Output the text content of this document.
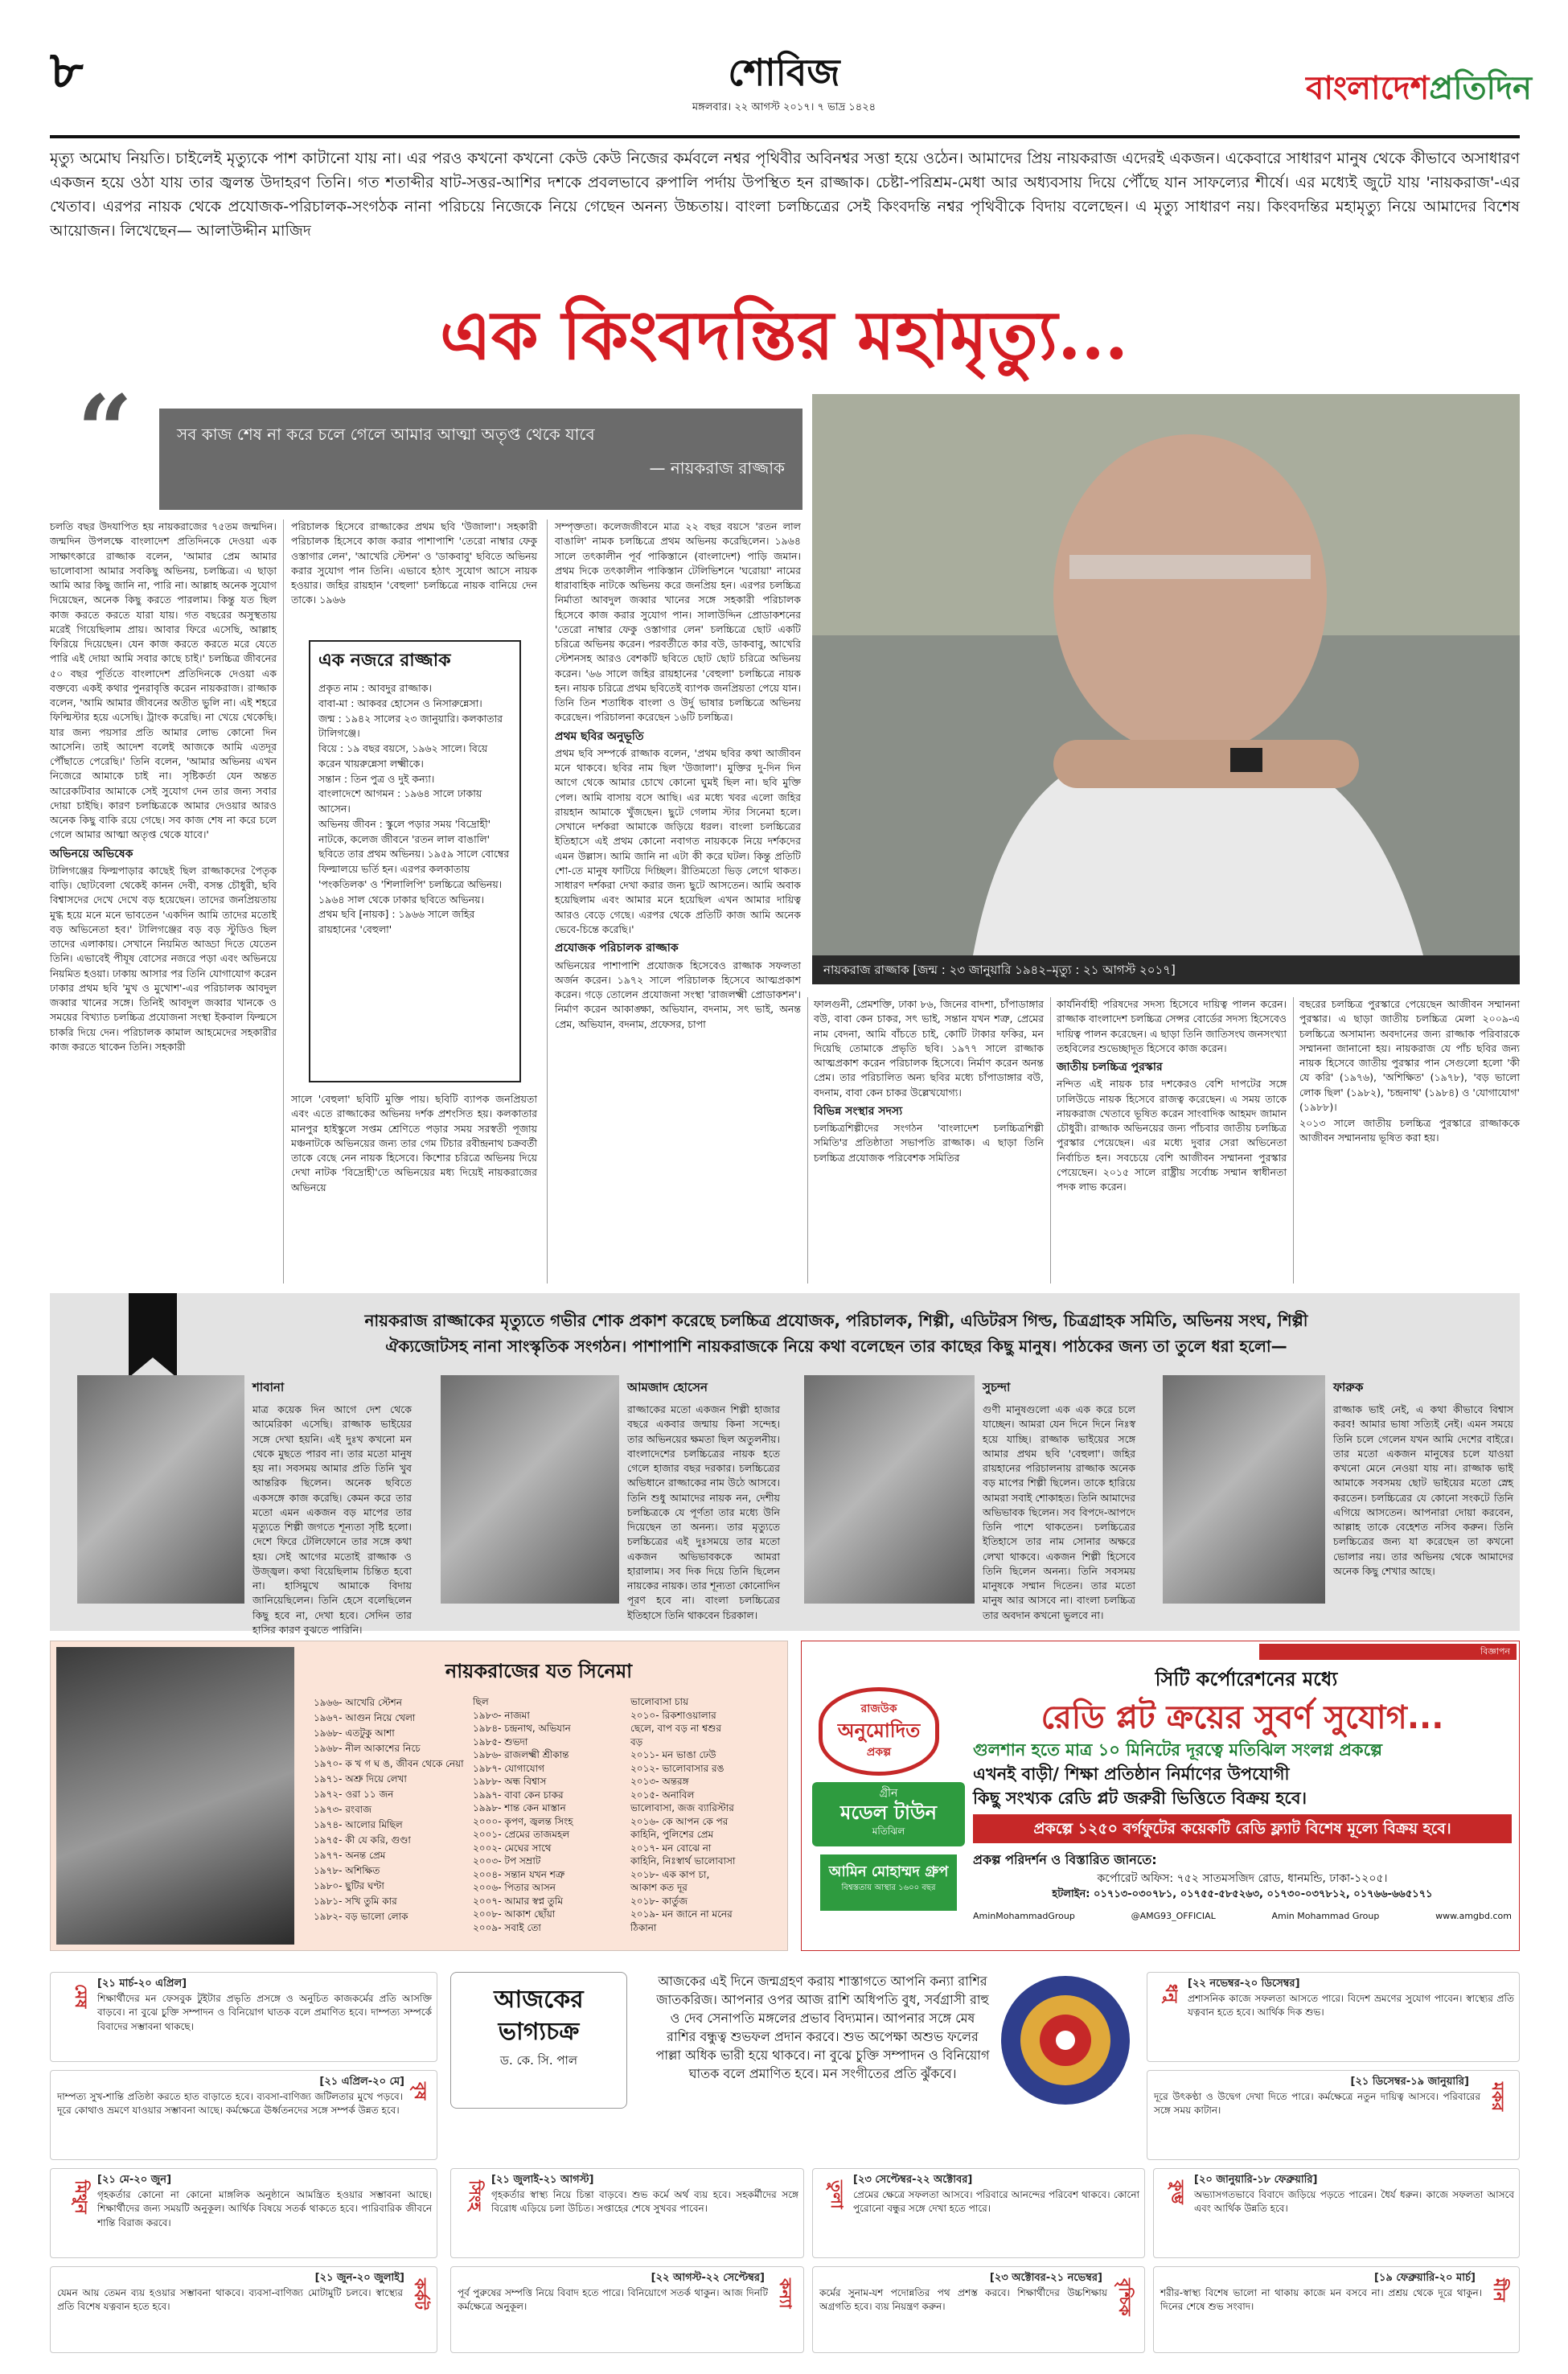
৮	শোবিজ
মঙ্গলবার। ২২ আগস্ট ২০১৭। ৭ ভাদ্র ১৪২৪
বাংলাদেশপ্রতিদিন
মৃত্যু অমোঘ নিয়তি। চাইলেই মৃত্যুকে পাশ কাটানো যায় না। এর পরও কখনো কখনো কেউ কেউ নিজের কর্মবলে নশ্বর পৃথিবীর অবিনশ্বর সত্তা হয়ে ওঠেন। আমাদের প্রিয় নায়করাজ এদেরই একজন। একেবারে সাধারণ মানুষ থেকে কীভাবে অসাধারণ একজন হয়ে ওঠা যায় তার জ্বলন্ত উদাহরণ তিনি। গত শতাব্দীর ষাট-সত্তর-আশির দশকে প্রবলভাবে রুপালি পর্দায় উপস্থিত হন রাজ্জাক। চেষ্টা-পরিশ্রম-মেধা আর অধ্যবসায় দিয়ে পৌঁছে যান সাফল্যের শীর্ষে। এর মধ্যেই জুটে যায় 'নায়করাজ'-এর খেতাব। এরপর নায়ক থেকে প্রযোজক-পরিচালক-সংগঠক নানা পরিচয়ে নিজেকে নিয়ে গেছেন অনন্য উচ্চতায়। বাংলা চলচ্চিত্রের সেই কিংবদন্তি নশ্বর পৃথিবীকে বিদায় বলেছেন। এ মৃত্যু সাধারণ নয়। কিংবদন্তির মহামৃত্যু নিয়ে আমাদের বিশেষ আয়োজন। লিখেছেন— আলাউদ্দীন মাজিদ
এক কিংবদন্তির মহামৃত্যু...
“	সব কাজ শেষ না করে চলে গেলে আমার আত্মা অতৃপ্ত থেকে যাবে
— নায়করাজ রাজ্জাক
নায়করাজ রাজ্জাক [জন্ম : ২৩ জানুয়ারি ১৯৪২–মৃত্যু : ২১ আগস্ট ২০১৭]

চলতি বছর উদযাপিত হয় নায়করাজের ৭৫তম জন্মদিন। জন্মদিন উপলক্ষে বাংলাদেশ প্রতিদিনকে দেওয়া এক সাক্ষাৎকারে রাজ্জাক বলেন, 'আমার প্রেম আমার ভালোবাসা আমার সবকিছু অভিনয়, চলচ্চিত্র। এ ছাড়া আমি আর কিছু জানি না, পারি না। আল্লাহ অনেক সুযোগ দিয়েছেন, অনেক কিছু করতে পারলাম। কিন্তু যত ছিল কাজ করতে করতে যারা যায়। গত বছরের অসুস্থতায় মরেই গিয়েছিলাম প্রায়। আবার ফিরে এসেছি, আল্লাহ ফিরিয়ে দিয়েছেন। যেন কাজ করতে করতে মরে যেতে পারি এই দোয়া আমি সবার কাছে চাই।' চলচ্চিত্র জীবনের ৫০ বছর পূর্তিতে বাংলাদেশ প্রতিদিনকে দেওয়া এক বক্তব্যে একই কথার পুনরাবৃত্তি করেন নায়করাজ। রাজ্জাক বলেন, 'আমি আমার জীবনের অতীত ভুলি না। এই শহরে ফিল্মিস্টার হয়ে এসেছি। ট্রাংক করেছি। না খেয়ে থেকেছি। যার জন্য পয়সার প্রতি আমার লোভ কোনো দিন আসেনি। তাই আদেশ বলেই আজকে আমি এতদূর পৌঁছাতে পেরেছি।' তিনি বলেন, 'আমার অভিনয় এখন নিজেরে আমাকে চাই না। সৃষ্টিকর্তা যেন অন্তত আরেকটিবার আমাকে সেই সুযোগ দেন তার জন্য সবার দোয়া চাইছি। কারণ চলচ্চিত্রকে আমার দেওয়ার আরও অনেক কিছু বাকি রয়ে গেছে। সব কাজ শেষ না করে চলে গেলে আমার আত্মা অতৃপ্ত থেকে যাবে।'

অভিনয়ে অভিষেক

টালিগঞ্জের ফিল্মপাড়ার কাছেই ছিল রাজ্জাকদের পৈতৃক বাড়ি। ছোটবেলা থেকেই কানন দেবী, বসন্ত চৌধুরী, ছবি বিশ্বাসদের দেখে দেখে বড় হয়েছেন। তাদের জনপ্রিয়তায় মুগ্ধ হয়ে মনে মনে ভাবতেন 'একদিন আমি তাদের মতোই বড় অভিনেতা হব।' টালিগঞ্জের বড় বড় স্টুডিও ছিল তাদের এলাকায়। সেখানে নিয়মিত আড্ডা দিতে যেতেন তিনি। এভাবেই পীযূষ বোসের নজরে পড়া এবং অভিনয়ে নিয়মিত হওয়া। ঢাকায় আসার পর তিনি যোগাযোগ করেন ঢাকার প্রথম ছবি 'মুখ ও মুখোশ'-এর পরিচালক আবদুল জব্বার খানের সঙ্গে। তিনিই আবদুল জব্বার খানকে ও সময়ের বিখ্যাত চলচ্চিত্র প্রযোজনা সংস্থা ইকবাল ফিল্মসে চাকরি দিয়ে দেন। পরিচালক কামাল আহমেদের সহকারীর কাজ করতে থাকেন তিনি। সহকারী

পরিচালক হিসেবে রাজ্জাকের প্রথম ছবি 'উজালা'। সহকারী পরিচালক হিসেবে কাজ করার পাশাপাশি 'তেরো নাম্বার ফেকু ওস্তাগার লেন', 'আখেরি স্টেশন' ও 'ডাকবাবু' ছবিতে অভিনয় করার সুযোগ পান তিনি। এভাবে হঠাৎ সুযোগ আসে নায়ক হওয়ার। জহির রায়হান 'বেহুলা' চলচ্চিত্রে নায়ক বানিয়ে দেন তাকে। ১৯৬৬
এক নজরে রাজ্জাক
প্রকৃত নাম : আবদুর রাজ্জাক।
বাবা-মা : আকবর হোসেন ও নিসারুন্নেসা।
জন্ম : ১৯৪২ সালের ২৩ জানুয়ারি। কলকাতার টালিগঞ্জে।
বিয়ে : ১৯ বছর বয়সে, ১৯৬২ সালে। বিয়ে করেন খায়রুন্নেসা লক্ষ্মীকে।
সন্তান : তিন পুত্র ও দুই কন্যা।
বাংলাদেশে আগমন : ১৯৬৪ সালে ঢাকায় আসেন।
অভিনয় জীবন : স্কুলে পড়ার সময় 'বিদ্রোহী' নাটকে, কলেজ জীবনে 'রতন লাল বাঙালি' ছবিতে তার প্রথম অভিনয়। ১৯৫৯ সালে বোম্বের ফিল্মালয়ে ভর্তি হন। এরপর কলকাতায় 'পংকতিলক' ও 'শিলালিপি' চলচ্চিত্রে অভিনয়। ১৯৬৪ সাল থেকে ঢাকার ছবিতে অভিনয়।
প্রথম ছবি [নায়ক] : ১৯৬৬ সালে জহির রায়হানের 'বেহুলা'
সালে 'বেহুলা' ছবিটি মুক্তি পায়। ছবিটি ব্যাপক জনপ্রিয়তা এবং এতে রাজ্জাকের অভিনয় দর্শক প্রশংসিত হয়। কলকাতার মানপুর হাইস্কুলে সপ্তম শ্রেণিতে পড়ার সময় সরস্বতী পূজায় মঞ্চনাটকে অভিনয়ের জন্য তার গেম টিচার রবীন্দ্রনাথ চক্রবর্তী তাকে বেছে নেন নায়ক হিসেবে। কিশোর চরিত্রে অভিনয় দিয়ে দেখা নাটক 'বিদ্রোহী'তে অভিনয়ের মধ্য দিয়েই নায়করাজের অভিনয়ে

সম্পৃক্ততা। কলেজজীবনে মাত্র ২২ বছর বয়সে 'রতন লাল বাঙালি' নামক চলচ্চিত্রে প্রথম অভিনয় করেছিলেন। ১৯৬৪ সালে তৎকালীন পূর্ব পাকিস্তানে (বাংলাদেশ) পাড়ি জমান। প্রথম দিকে তৎকালীন পাকিস্তান টেলিভিশনে 'ঘরোয়া' নামের ধারাবাহিক নাটকে অভিনয় করে জনপ্রিয় হন। এরপর চলচ্চিত্র নির্মাতা আবদুল জব্বার খানের সঙ্গে সহকারী পরিচালক হিসেবে কাজ করার সুযোগ পান। সালাউদ্দিন প্রোডাকশনের 'তেরো নাম্বার ফেকু ওস্তাগার লেন' চলচ্চিত্রে ছোট একটি চরিত্রে অভিনয় করেন। পরবর্তীতে কার বউ, ডাকবাবু, আখেরি স্টেশনসহ আরও বেশকটি ছবিতে ছোট ছোট চরিত্রে অভিনয় করেন। '৬৬ সালে জহির রায়হানের 'বেহুলা' চলচ্চিত্রে নায়ক হন। নায়ক চরিত্রে প্রথম ছবিতেই ব্যাপক জনপ্রিয়তা পেয়ে যান। তিনি তিন শতাধিক বাংলা ও উর্দু ভাষার চলচ্চিত্রে অভিনয় করেছেন। পরিচালনা করেছেন ১৬টি চলচ্চিত্র।

প্রথম ছবির অনুভূতি

প্রথম ছবি সম্পর্কে রাজ্জাক বলেন, 'প্রথম ছবির কথা আজীবন মনে থাকবে। ছবির নাম ছিল 'উজালা'। মুক্তির দু-দিন দিন আগে থেকে আমার চোখে কোনো ঘুমই ছিল না। ছবি মুক্তি পেল। আমি বাসায় বসে আছি। এর মধ্যে খবর এলো জহির রায়হান আমাকে খুঁজছেন। ছুটে গেলাম স্টার সিনেমা হলে। সেখানে দর্শকরা আমাকে জড়িয়ে ধরল। বাংলা চলচ্চিত্রের ইতিহাসে এই প্রথম কোনো নবাগত নায়ককে নিয়ে দর্শকদের এমন উল্লাস। আমি জানি না এটা কী করে ঘটল। কিন্তু প্রতিটি শো-তে মানুষ ফাটিয়ে দিচ্ছিল। রীতিমতো ভিড় লেগে থাকত। সাধারণ দর্শকরা দেখা করার জন্য ছুটে আসতেন। আমি অবাক হয়েছিলাম এবং আমার মনে হয়েছিল এখন আমার দায়িত্ব আরও বেড়ে গেছে। এরপর থেকে প্রতিটি কাজ আমি অনেক ভেবে-চিন্তে করেছি।'

প্রযোজক পরিচালক রাজ্জাক

অভিনয়ের পাশাপাশি প্রযোজক হিসেবেও রাজ্জাক সফলতা অর্জন করেন। ১৯৭২ সালে পরিচালক হিসেবে আত্মপ্রকাশ করেন। গড়ে তোলেন প্রযোজনা সংস্থা 'রাজলক্ষ্মী প্রোডাকশন'। নির্মাণ করেন আকাঙ্ক্ষা, অভিযান, বদনাম, সৎ ভাই, অনন্ত প্রেম, অভিযান, বদনাম, প্রফেসর, চাপা

ফালগুনী, প্রেমশক্তি, ঢাকা ৮৬, জিনের বাদশা, চাঁপাডাঙ্গার বউ, বাবা কেন চাকর, সৎ ভাই, সন্তান যখন শত্রু, প্রেমের নাম বেদনা, আমি বাঁচতে চাই, কোটি টাকার ফকির, মন দিয়েছি তোমাকে প্রভৃতি ছবি। ১৯৭৭ সালে রাজ্জাক আত্মপ্রকাশ করেন পরিচালক হিসেবে। নির্মাণ করেন অনন্ত প্রেম। তার পরিচালিত অন্য ছবির মধ্যে চাঁপাডাঙ্গার বউ, বদনাম, বাবা কেন চাকর উল্লেখযোগ্য।

বিভিন্ন সংস্থার সদস্য

চলচ্চিত্রশিল্পীদের সংগঠন 'বাংলাদেশ চলচ্চিত্রশিল্পী সমিতি'র প্রতিষ্ঠাতা সভাপতি রাজ্জাক। এ ছাড়া তিনি চলচ্চিত্র প্রযোজক পরিবেশক সমিতির

কার্যনির্বাহী পরিষদের সদস্য হিসেবে দায়িত্ব পালন করেন। রাজ্জাক বাংলাদেশ চলচ্চিত্র সেন্সর বোর্ডের সদস্য হিসেবেও দায়িত্ব পালন করেছেন। এ ছাড়া তিনি জাতিসংঘ জনসংখ্যা তহবিলের শুভেচ্ছাদূত হিসেবে কাজ করেন।

জাতীয় চলচ্চিত্র পুরস্কার

নন্দিত এই নায়ক চার দশকেরও বেশি দাপটের সঙ্গে ঢালিউডে নায়ক হিসেবে রাজত্ব করেছেন। এ সময় তাকে নায়করাজ খেতাবে ভূষিত করেন সাংবাদিক আহমদ জামান চৌধুরী। রাজ্জাক অভিনয়ের জন্য পাঁচবার জাতীয় চলচ্চিত্র পুরস্কার পেয়েছেন। এর মধ্যে দুবার সেরা অভিনেতা নির্বাচিত হন। সবচেয়ে বেশি আজীবন সম্মাননা পুরস্কার পেয়েছেন। ২০১৫ সালে রাষ্ট্রীয় সর্বোচ্চ সম্মান স্বাধীনতা পদক লাভ করেন।

বছরের চলচ্চিত্র পুরস্কারে পেয়েছেন আজীবন সম্মাননা পুরস্কার। এ ছাড়া জাতীয় চলচ্চিত্র মেলা ২০০৯-এ চলচ্চিত্রে অসামান্য অবদানের জন্য রাজ্জাক পরিবারকে সম্মাননা জানানো হয়। নায়করাজ যে পাঁচ ছবির জন্য নায়ক হিসেবে জাতীয় পুরস্কার পান সেগুলো হলো 'কী যে করি' (১৯৭৬), 'অশিক্ষিত' (১৯৭৮), 'বড় ভালো লোক ছিল' (১৯৮২), 'চন্দ্রনাথ' (১৯৮৪) ও 'যোগাযোগ' (১৯৮৮)।

২০১৩ সালে জাতীয় চলচ্চিত্র পুরস্কারে রাজ্জাককে আজীবন সম্মাননায় ভূষিত করা হয়।

নায়করাজ রাজ্জাকের মৃত্যুতে গভীর শোক প্রকাশ করেছে চলচ্চিত্র প্রযোজক, পরিচালক, শিল্পী, এডিটরস গিল্ড, চিত্রগ্রাহক সমিতি, অভিনয় সংঘ, শিল্পী ঐক্যজোটসহ নানা সাংস্কৃতিক সংগঠন। পাশাপাশি নায়করাজকে নিয়ে কথা বলেছেন তার কাছের কিছু মানুষ। পাঠকের জন্য তা তুলে ধরা হলো—
শাবানা
মাত্র কয়েক দিন আগে দেশ থেকে আমেরিকা এসেছি। রাজ্জাক ভাইয়ের সঙ্গে দেখা হয়নি। এই দুঃখ কখনো মন থেকে মুছতে পারব না। তার মতো মানুষ হয় না। সবসময় আমার প্রতি তিনি খুব আন্তরিক ছিলেন। অনেক ছবিতে একসঙ্গে কাজ করেছি। কেমন করে তার মতো এমন একজন বড় মাপের তার মৃত্যুতে শিল্পী জগতে শূন্যতা সৃষ্টি হলো। দেশে ফিরে টেলিফোনে তার সঙ্গে কথা হয়। সেই আগের মতোই রাজ্জাক ও উজ্জ্বল। কথা বিয়েছিলাম চিন্তিত হবো না। হাসিমুখে আমাকে বিদায় জানিয়েছিলেন। তিনি হেসে বলেছিলেন কিছু হবে না, দেখা হবে। সেদিন তার হাসির কারণ বুঝতে পারিনি।
আমজাদ হোসেন
রাজ্জাকের মতো একজন শিল্পী হাজার বছরে একবার জন্মায় কিনা সন্দেহ। তার অভিনয়ের ক্ষমতা ছিল অতুলনীয়। বাংলাদেশের চলচ্চিত্রের নায়ক হতে গেলে হাজার বছর দরকার। চলচ্চিত্রের অভিধানে রাজ্জাকের নাম উঠে আসবে। তিনি শুধু আমাদের নায়ক নন, দেশীয় চলচ্চিত্রকে যে পূর্ণতা তার মধ্যে উনি দিয়েছেন তা অনন্য। তার মৃত্যুতে চলচ্চিত্রের এই দুঃসময়ে তার মতো একজন অভিভাবককে আমরা হারালাম। সব দিক দিয়ে তিনি ছিলেন নায়কের নায়ক। তার শূন্যতা কোনোদিন পূরণ হবে না। বাংলা চলচ্চিত্রের ইতিহাসে তিনি থাকবেন চিরকাল।
সুচন্দা
গুণী মানুষগুলো এক এক করে চলে যাচ্ছেন। আমরা যেন দিনে দিনে নিঃস্ব হয়ে যাচ্ছি। রাজ্জাক ভাইয়ের সঙ্গে আমার প্রথম ছবি 'বেহুলা'। জহির রায়হানের পরিচালনায় রাজ্জাক অনেক বড় মাপের শিল্পী ছিলেন। তাকে হারিয়ে আমরা সবাই শোকাহত। তিনি আমাদের অভিভাবক ছিলেন। সব বিপদে-আপদে তিনি পাশে থাকতেন। চলচ্চিত্রের ইতিহাসে তার নাম সোনার অক্ষরে লেখা থাকবে। একজন শিল্পী হিসেবে তিনি ছিলেন অনন্য। তিনি সবসময় মানুষকে সম্মান দিতেন। তার মতো মানুষ আর আসবে না। বাংলা চলচ্চিত্র তার অবদান কখনো ভুলবে না।
ফারুক
রাজ্জাক ভাই নেই, এ কথা কীভাবে বিশ্বাস করব! আমার ভাষা সত্যিই নেই। এমন সময়ে তিনি চলে গেলেন যখন আমি দেশের বাইরে। তার মতো একজন মানুষের চলে যাওয়া কখনো মেনে নেওয়া যায় না। রাজ্জাক ভাই আমাকে সবসময় ছোট ভাইয়ের মতো স্নেহ করতেন। চলচ্চিত্রের যে কোনো সংকটে তিনি এগিয়ে আসতেন। আপনারা দোয়া করবেন, আল্লাহ তাকে বেহেশত নসিব করুন। তিনি চলচ্চিত্রের জন্য যা করেছেন তা কখনো ভোলার নয়। তার অভিনয় থেকে আমাদের অনেক কিছু শেখার আছে।
নায়করাজের যত সিনেমা
১৯৬৬- আখেরি স্টেশন
১৯৬৭- আগুন নিয়ে খেলা
১৯৬৮- এতটুকু আশা
১৯৬৮- নীল আকাশের নিচে
১৯৭০- ক খ গ ঘ ঙ, জীবন থেকে নেয়া
১৯৭১- অশ্রু দিয়ে লেখা
১৯৭২- ওরা ১১ জন
১৯৭৩- রংবাজ
১৯৭৪- আলোর মিছিল
১৯৭৫- কী যে করি, গুণ্ডা
১৯৭৭- অনন্ত প্রেম
১৯৭৮- অশিক্ষিত
১৯৮০- ছুটির ঘণ্টা
১৯৮১- সখি তুমি কার
১৯৮২- বড় ভালো লোক
ছিল
১৯৮৩- নাজমা
১৯৮৪- চন্দ্রনাথ, অভিযান
১৯৮৫- শুভদা
১৯৮৬- রাজলক্ষ্মী শ্রীকান্ত
১৯৮৭- যোগাযোগ
১৯৮৮- অন্ধ বিশ্বাস
১৯৯৭- বাবা কেন চাকর
১৯৯৮- শান্ত কেন মাস্তান
২০০০- কৃপণ, জ্বলন্ত সিংহ
২০০১- প্রেমের তাজমহল
২০০২- মেঘের সাথে
২০০৩- টপ সম্রাট
২০০৪- সন্তান যখন শত্রু
২০০৬- পিতার আসন
২০০৭- আমার স্বপ্ন তুমি
২০০৮- আকাশ ছোঁয়া
২০০৯- সবাই তো
ভালোবাসা চায়
২০১০- রিকশাওয়ালার
ছেলে, বাপ বড় না শ্বশুর
বড়
২০১১- মন ভাঙা ঢেউ
২০১২- ভালোবাসার রঙ
২০১৩- অন্তরঙ্গ
২০১৫- অনাবিল
ভালোবাসা, জজ ব্যারিস্টার
২০১৬- কে আপন কে পর
কাহিনি, পুলিশের প্রেম
২০১৭- মন বোঝে না
কাহিনি, নিঃস্বার্থ ভালোবাসা
২০১৮- এক কাপ চা,
আকাশ কত দূর
২০১৮- কার্তুজ
২০১৯- মন জানে না মনের
ঠিকানা
বিজ্ঞাপন
রাজউক
অনুমোদিত
প্রকল্প
গ্রীন
মডেল টাউন
মতিঝিল
আমিন মোহাম্মদ গ্রুপ
বিশ্বস্ততায় আস্থার ১৬০০ বছর
সিটি কর্পোরেশনের মধ্যে
রেডি প্লট ক্রয়ের সুবর্ণ সুযোগ...
গুলশান হতে মাত্র ১০ মিনিটের দূরত্বে মতিঝিল সংলগ্ন প্রকল্পে
এখনই বাড়ী/ শিক্ষা প্রতিষ্ঠান নির্মাণের উপযোগী
কিছু সংখ্যক রেডি প্লট জরুরী ভিত্তিতে বিক্রয় হবে।
প্রকল্পে ১২৫০ বর্গফুটের কয়েকটি রেডি ফ্ল্যাট বিশেষ মূল্যে বিক্রয় হবে।
প্রকল্প পরিদর্শন ও বিস্তারিত জানতে:
কর্পোরেট অফিস: ৭৫২ সাতমসজিদ রোড, ধানমন্ডি, ঢাকা-১২০৫।
হটলাইন: ০১৭১৩-০৩০৭৮১, ০১৭৫৫-৫৮৫২৬৩, ০১৭৩০-০৩৭৮১২, ০১৭৬৬-৬৬৫১৭১
AminMohammadGroup	@AMG93_OFFICIAL	Amin Mohammad Group	www.amgbd.com
আজকের
ভাগ্যচক্র
ড. কে. সি. পাল
আজকের এই দিনে জন্মগ্রহণ করায় শাস্তাগতে আপনি কন্যা রাশির জাতকরিজ। আপনার ওপর আজ রাশি অধিপতি বুধ, সর্বগ্রাসী রাহু ও দেব সেনাপতি মঙ্গলের প্রভাব বিদ্যমান। আপনার সঙ্গে মেষ রাশির বন্ধুত্ব শুভফল প্রদান করবে। শুভ অপেক্ষা অশুভ ফলের পাল্লা অধিক ভারী হয়ে থাকবে। না বুঝে চুক্তি সম্পাদন ও বিনিয়োগ ঘাতক বলে প্রমাণিত হবে। মন সংগীতের প্রতি ঝুঁকবে।
মেষ
[২১ মার্চ-২০ এপ্রিল]
শিক্ষার্থীদের মন ফেসবুক টুইটার প্রভৃতি প্রসঙ্গে ও অনুচিত কাজকর্মের প্রতি আসক্তি বাড়বে। না বুঝে চুক্তি সম্পাদন ও বিনিয়োগ ঘাতক বলে প্রমাণিত হবে। দাম্পত্য সম্পর্কে বিবাদের সম্ভাবনা থাকছে।
[২১ এপ্রিল-২০ মে]
বৃষ
দাম্পত্য সুখ-শান্তি প্রতিষ্ঠা করতে হাত বাড়াতে হবে। ব্যবসা-বাণিজ্য জটিলতার মুখে পড়বে। দূরে কোথাও ভ্রমণে যাওয়ার সম্ভাবনা আছে। কর্মক্ষেত্রে ঊর্ধ্বতনদের সঙ্গে সম্পর্ক উন্নত হবে।
মিথুন
[২১ মে-২০ জুন]
গৃহকর্তার কোনো না কোনো মাঙ্গলিক অনুষ্ঠানে আমন্ত্রিত হওয়ার সম্ভাবনা আছে। শিক্ষার্থীদের জন্য সময়টি অনুকূল। আর্থিক বিষয়ে সতর্ক থাকতে হবে। পারিবারিক জীবনে শান্তি বিরাজ করবে।
[২১ জুন-২০ জুলাই]
কর্কট
যেমন আয় তেমন ব্যয় হওয়ার সম্ভাবনা থাকবে। ব্যবসা-বাণিজ্য মোটামুটি চলবে। স্বাস্থ্যের প্রতি বিশেষ যত্নবান হতে হবে।
সিংহ
[২১ জুলাই-২১ আগস্ট]
গৃহকর্তার স্বাস্থ্য নিয়ে চিন্তা বাড়বে। শুভ কর্মে অর্থ ব্যয় হবে। সহকর্মীদের সঙ্গে বিরোধ এড়িয়ে চলা উচিত। সপ্তাহের শেষে সুখবর পাবেন।
[২২ আগস্ট-২২ সেপ্টেম্বর]
কন্যা
পূর্ব পুরুষের সম্পত্তি নিয়ে বিবাদ হতে পারে। বিনিয়োগে সতর্ক থাকুন। আজ দিনটি কর্মক্ষেত্রে অনুকূল।
তুলা
[২৩ সেপ্টেম্বর-২২ অক্টোবর]
প্রেমের ক্ষেত্রে সফলতা আসবে। পরিবারে আনন্দের পরিবেশ থাকবে। কোনো পুরোনো বন্ধুর সঙ্গে দেখা হতে পারে।
[২৩ অক্টোবর-২১ নভেম্বর]
বৃশ্চিক
কর্মের সুনাম-যশ পদোন্নতির পথ প্রশস্ত করবে। শিক্ষার্থীদের উচ্চশিক্ষায় অগ্রগতি হবে। ব্যয় নিয়ন্ত্রণ করুন।
ধনু
[২২ নভেম্বর-২০ ডিসেম্বর]
প্রশাসনিক কাজে সফলতা আসতে পারে। বিদেশ ভ্রমণের সুযোগ পাবেন। স্বাস্থ্যের প্রতি যত্নবান হতে হবে। আর্থিক দিক শুভ।
[২১ ডিসেম্বর-১৯ জানুয়ারি]
মকর
দূরে উৎকণ্ঠা ও উদ্বেগ দেখা দিতে পারে। কর্মক্ষেত্রে নতুন দায়িত্ব আসবে। পরিবারের সঙ্গে সময় কাটান।
কুম্ভ
[২০ জানুয়ারি-১৮ ফেব্রুয়ারি]
অভ্যাসগতভাবে বিবাদে জড়িয়ে পড়তে পারেন। ধৈর্য ধরুন। কাজে সফলতা আসবে এবং আর্থিক উন্নতি হবে।
[১৯ ফেব্রুয়ারি-২০ মার্চ]
মীন
শরীর-স্বাস্থ্য বিশেষ ভালো না থাকায় কাজে মন বসবে না। প্রশ্রয় থেকে দূরে থাকুন। দিনের শেষে শুভ সংবাদ।
